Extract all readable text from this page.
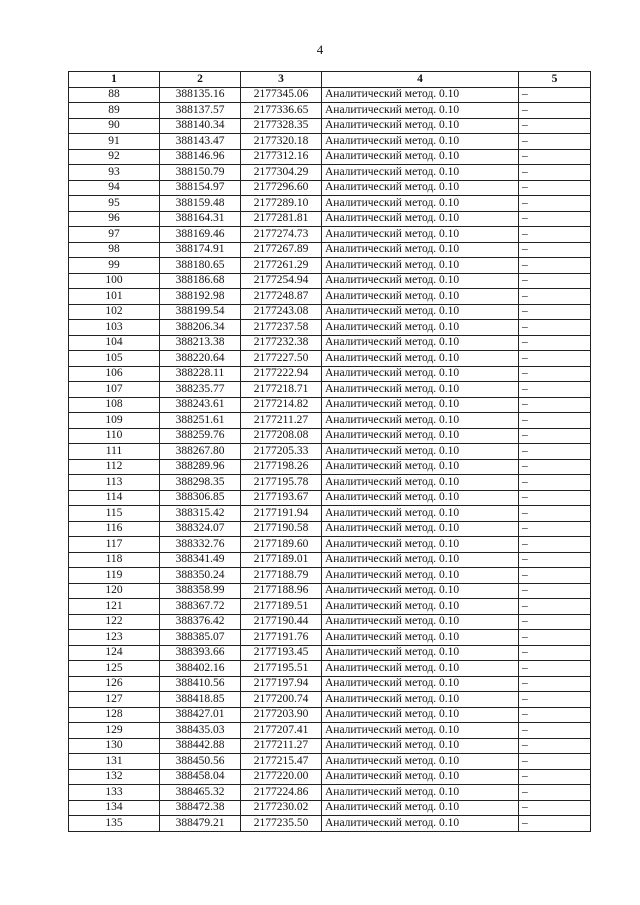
4
1	2	3	4	5
88	388135.16	2177345.06	Аналитический метод. 0.10	–
89	388137.57	2177336.65	Аналитический метод. 0.10	–
90	388140.34	2177328.35	Аналитический метод. 0.10	–
91	388143.47	2177320.18	Аналитический метод. 0.10	–
92	388146.96	2177312.16	Аналитический метод. 0.10	–
93	388150.79	2177304.29	Аналитический метод. 0.10	–
94	388154.97	2177296.60	Аналитический метод. 0.10	–
95	388159.48	2177289.10	Аналитический метод. 0.10	–
96	388164.31	2177281.81	Аналитический метод. 0.10	–
97	388169.46	2177274.73	Аналитический метод. 0.10	–
98	388174.91	2177267.89	Аналитический метод. 0.10	–
99	388180.65	2177261.29	Аналитический метод. 0.10	–
100	388186.68	2177254.94	Аналитический метод. 0.10	–
101	388192.98	2177248.87	Аналитический метод. 0.10	–
102	388199.54	2177243.08	Аналитический метод. 0.10	–
103	388206.34	2177237.58	Аналитический метод. 0.10	–
104	388213.38	2177232.38	Аналитический метод. 0.10	–
105	388220.64	2177227.50	Аналитический метод. 0.10	–
106	388228.11	2177222.94	Аналитический метод. 0.10	–
107	388235.77	2177218.71	Аналитический метод. 0.10	–
108	388243.61	2177214.82	Аналитический метод. 0.10	–
109	388251.61	2177211.27	Аналитический метод. 0.10	–
110	388259.76	2177208.08	Аналитический метод. 0.10	–
111	388267.80	2177205.33	Аналитический метод. 0.10	–
112	388289.96	2177198.26	Аналитический метод. 0.10	–
113	388298.35	2177195.78	Аналитический метод. 0.10	–
114	388306.85	2177193.67	Аналитический метод. 0.10	–
115	388315.42	2177191.94	Аналитический метод. 0.10	–
116	388324.07	2177190.58	Аналитический метод. 0.10	–
117	388332.76	2177189.60	Аналитический метод. 0.10	–
118	388341.49	2177189.01	Аналитический метод. 0.10	–
119	388350.24	2177188.79	Аналитический метод. 0.10	–
120	388358.99	2177188.96	Аналитический метод. 0.10	–
121	388367.72	2177189.51	Аналитический метод. 0.10	–
122	388376.42	2177190.44	Аналитический метод. 0.10	–
123	388385.07	2177191.76	Аналитический метод. 0.10	–
124	388393.66	2177193.45	Аналитический метод. 0.10	–
125	388402.16	2177195.51	Аналитический метод. 0.10	–
126	388410.56	2177197.94	Аналитический метод. 0.10	–
127	388418.85	2177200.74	Аналитический метод. 0.10	–
128	388427.01	2177203.90	Аналитический метод. 0.10	–
129	388435.03	2177207.41	Аналитический метод. 0.10	–
130	388442.88	2177211.27	Аналитический метод. 0.10	–
131	388450.56	2177215.47	Аналитический метод. 0.10	–
132	388458.04	2177220.00	Аналитический метод. 0.10	–
133	388465.32	2177224.86	Аналитический метод. 0.10	–
134	388472.38	2177230.02	Аналитический метод. 0.10	–
135	388479.21	2177235.50	Аналитический метод. 0.10	–
